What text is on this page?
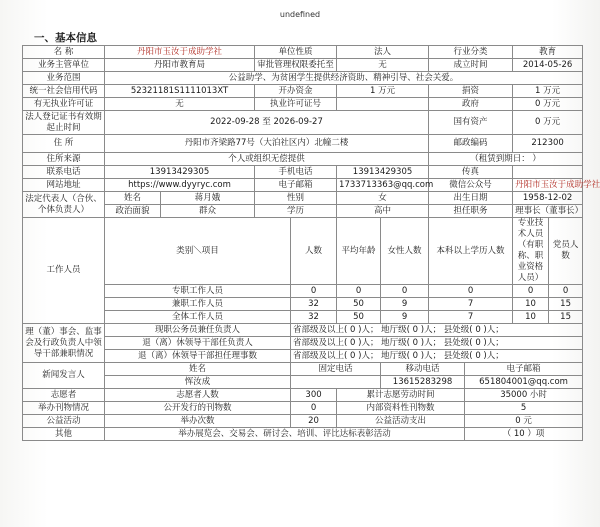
undefined
一、基本信息
名 称	丹阳市玉汝于成助学社		单位性质		法人		行业分类		教育	
业务主管单位	丹阳市教育局		审批管理权限委托至		无		成立时间		2014-05-26	
业务范围	公益助学、为贫困学生提供经济资助、精神引导、社会关爱。									
统一社会信用代码	52321181S1111013XT		开办资金		1 万元		捐资		1 万元	
有无执业许可证	无		执业许可证号				政府		0 万元	
法人登记证书有效期起止时间	2022-09-28 至 2026-09-27						国有资产		0 万元	
住 所	丹阳市齐梁路77号（大泊社区内）北幢二楼						邮政编码		212300	
住所来源	个人或组织无偿提供						（租赁到期日： ）			
联系电话	13913429305		手机电话		13913429305		传真			
网站地址	https://www.dyyryc.com		电子邮箱		1733713363@qq.com		微信公众号		丹阳市玉汝于成助学社	
法定代表人（合伙、个体负责人）	姓名	蒋月娥	性别		女		出生日期		1958-12-02	
	政治面貌	群众	学历		高中		担任职务		理事长（董事长）	
工作人员	类别＼项目			人数	平均年龄	女性人数	本科以上学历人数		专业技术人员（有职称、职业资格人员）	党员人数
	专职工作人员			0	0	0	0		0	0
	兼职工作人员			32	50	9	7		10	15
	全体工作人员			32	50	9	7		10	15
理（董）事会、监事会及行政负责人中领导干部兼职情况	现职公务员兼任负责人			省部级及以上( 0 )人； 地厅级( 0 )人； 县处级( 0 )人；						
	退（离）休领导干部任负责人			省部级及以上( 0 )人； 地厅级( 0 )人； 县处级( 0 )人；						
	退（离）休领导干部担任理事数			省部级及以上( 0 )人； 地厅级( 0 )人； 县处级( 0 )人；						
新闻发言人	姓名			固定电话		移动电话		电子邮箱		
	恽汝成					13615283298		651804001@qq.com		
志愿者	志愿者人数			300	累计志愿劳动时间			35000 小时		
举办刊物情况	公开发行的刊物数			0	内部资料性刊物数			5		
公益活动	举办次数			20	公益活动支出			0 元		
其他	举办展览会、交易会、研讨会、培训、评比达标表彰活动							（ 10 ）项		
